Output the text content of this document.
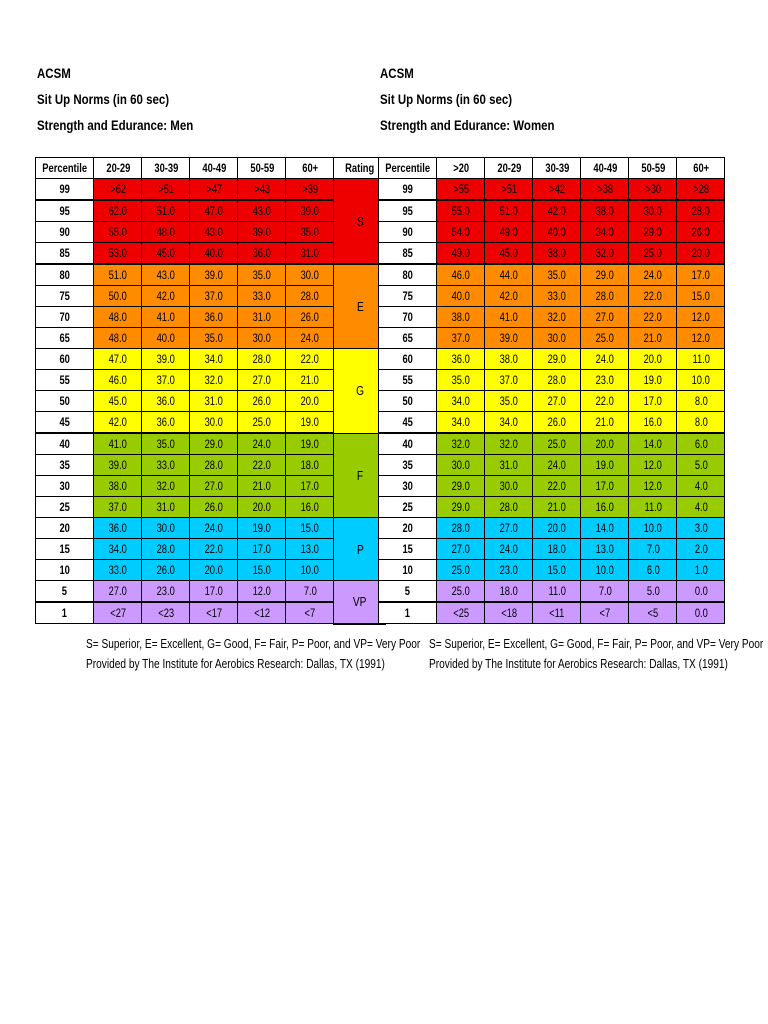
ACSM
Sit Up Norms (in 60 sec)
Strength and Edurance: Men
ACSM
Sit Up Norms (in 60 sec)
Strength and Edurance: Women
Percentile	20-29	30-39	40-49	50-59	60+	Rating
99	>62	>51	>47	>43	>39	S
95	62.0	51.0	47.0	43.0	39.0	
90	55.0	48.0	43.0	39.0	35.0	
85	53.0	45.0	40.0	36.0	31.0	
80	51.0	43.0	39.0	35.0	30.0	E
75	50.0	42.0	37.0	33.0	28.0	
70	48.0	41.0	36.0	31.0	26.0	
65	48.0	40.0	35.0	30.0	24.0	
60	47.0	39.0	34.0	28.0	22.0	G
55	46.0	37.0	32.0	27.0	21.0	
50	45.0	36.0	31.0	26.0	20.0	
45	42.0	36.0	30.0	25.0	19.0	
40	41.0	35.0	29.0	24.0	19.0	F
35	39.0	33.0	28.0	22.0	18.0	
30	38.0	32.0	27.0	21.0	17.0	
25	37.0	31.0	26.0	20.0	16.0	
20	36.0	30.0	24.0	19.0	15.0	P
15	34.0	28.0	22.0	17.0	13.0	
10	33.0	26.0	20.0	15.0	10.0	
5	27.0	23.0	17.0	12.0	7.0	VP
1	<27	<23	<17	<12	<7	
Percentile	>20	20-29	30-39	40-49	50-59	60+
99	>55	>51	>42	>38	>30	>28
95	55.0	51.0	42.0	38.0	30.0	28.0
90	54.0	49.0	40.0	34.0	29.0	26.0
85	49.0	45.0	38.0	32.0	25.0	20.0
80	46.0	44.0	35.0	29.0	24.0	17.0
75	40.0	42.0	33.0	28.0	22.0	15.0
70	38.0	41.0	32.0	27.0	22.0	12.0
65	37.0	39.0	30.0	25.0	21.0	12.0
60	36.0	38.0	29.0	24.0	20.0	11.0
55	35.0	37.0	28.0	23.0	19.0	10.0
50	34.0	35.0	27.0	22.0	17.0	8.0
45	34.0	34.0	26.0	21.0	16.0	8.0
40	32.0	32.0	25.0	20.0	14.0	6.0
35	30.0	31.0	24.0	19.0	12.0	5.0
30	29.0	30.0	22.0	17.0	12.0	4.0
25	29.0	28.0	21.0	16.0	11.0	4.0
20	28.0	27.0	20.0	14.0	10.0	3.0
15	27.0	24.0	18.0	13.0	7.0	2.0
10	25.0	23.0	15.0	10.0	6.0	1.0
5	25.0	18.0	11.0	7.0	5.0	0.0
1	<25	<18	<11	<7	<5	0.0
S= Superior, E= Excellent, G= Good, F= Fair, P= Poor, and VP= Very Poor
Provided by The Institute for Aerobics Research: Dallas, TX (1991)
S= Superior, E= Excellent, G= Good, F= Fair, P= Poor, and VP= Very Poor
Provided by The Institute for Aerobics Research: Dallas, TX (1991)
